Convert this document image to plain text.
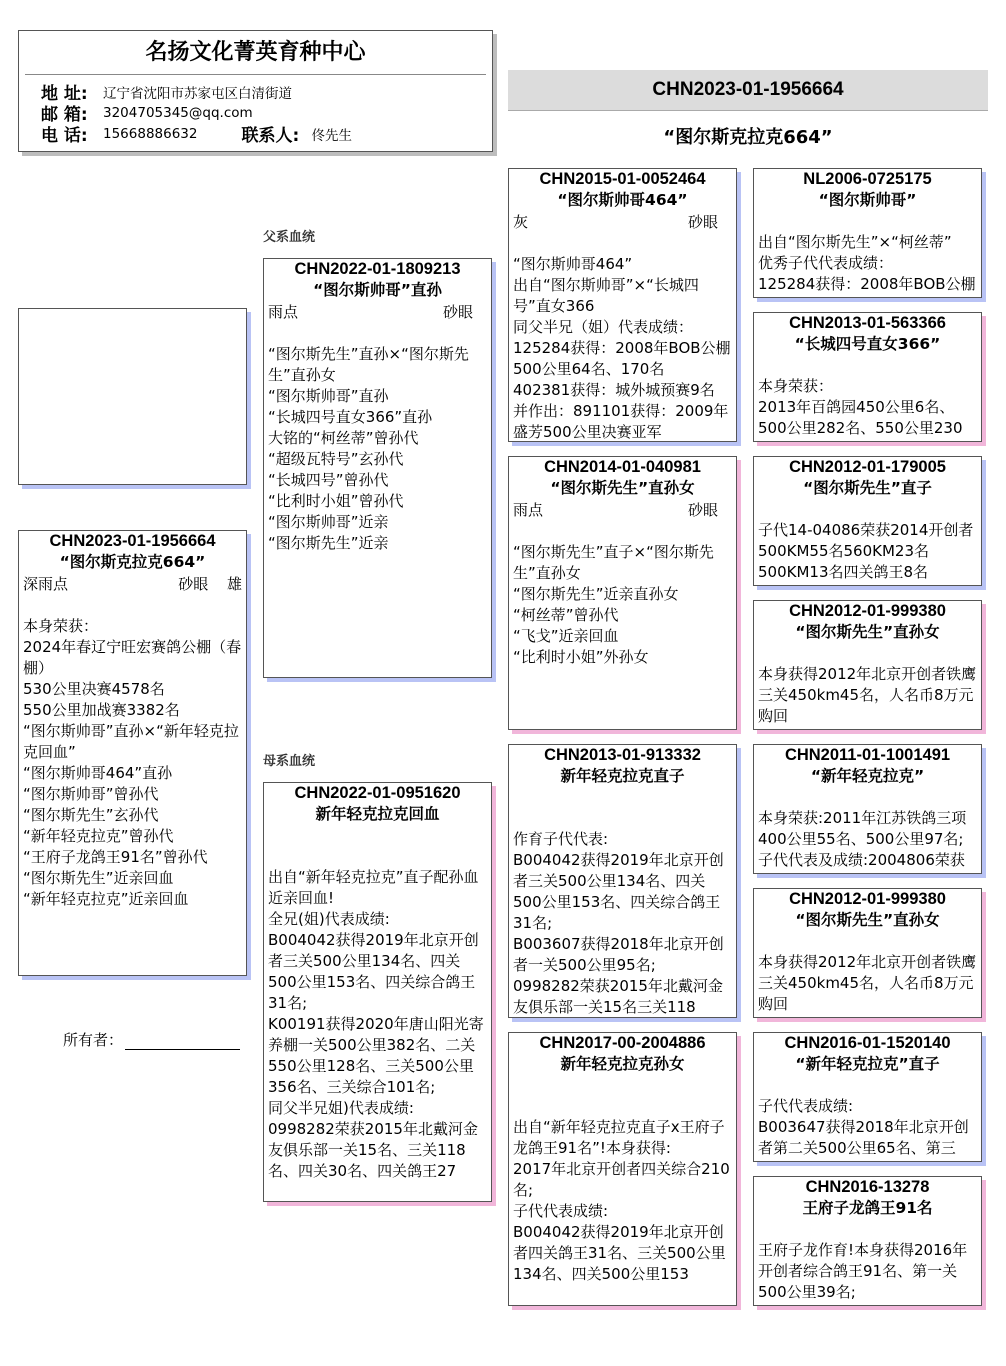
名扬文化菁英育种中心
地 址:	辽宁省沈阳市苏家屯区白清街道
邮 箱:	3204705345@qq.com
电 话:	15668886632	联系人: 佟先生
CHN2023-01-1956664
“图尔斯克拉克664”
CHN2023-01-1956664
“图尔斯克拉克664”
深雨点	砂眼 雄
本身荣获：
2024年春辽宁旺宏赛鸽公棚（春棚）
530公里决赛4578名
550公里加战赛3382名
“图尔斯帅哥”直孙×“新年轻克拉克回血”
“图尔斯帅哥464”直孙
“图尔斯帅哥”曾孙代
“图尔斯先生”玄孙代
“新年轻克拉克”曾孙代
“王府子龙鸽王91名”曾孙代
“图尔斯先生”近亲回血
“新年轻克拉克”近亲回血
所有者：
父系血统
母系血统
CHN2022-01-1809213
“图尔斯帅哥”直孙
雨点	砂眼
“图尔斯先生”直孙×“图尔斯先生”直孙女
“图尔斯帅哥”直孙
“长城四号直女366”直孙
大铭的“柯丝蒂”曾孙代
“超级瓦特号”玄孙代
“长城四号”曾孙代
“比利时小姐”曾孙代
“图尔斯帅哥”近亲
“图尔斯先生”近亲
CHN2022-01-0951620
新年轻克拉克回血
出自“新年轻克拉克”直子配孙血近亲回血!
全兄(姐)代表成绩:
B004042获得2019年北京开创者三关500公里134名、四关500公里153名、四关综合鸽王31名;
K00191获得2020年唐山阳光寄养棚一关500公里382名、二关550公里128名、三关500公里356名、三关综合101名;
同父半兄姐)代表成绩:
0998282荣获2015年北戴河金友俱乐部一关15名、三关118名、四关30名、四关鸽王27
CHN2015-01-0052464
“图尔斯帅哥464”
灰	砂眼
“图尔斯帅哥464”
出自“图尔斯帅哥”×“长城四号”直女366
同父半兄（姐）代表成绩：
125284获得：2008年BOB公棚500公里64名、170名
402381获得：城外城预赛9名
并作出：891101获得：2009年盛芳500公里决赛亚军
CHN2014-01-040981
“图尔斯先生”直孙女
雨点	砂眼
“图尔斯先生”直子×“图尔斯先生”直孙女
“图尔斯先生”近亲直孙女
“柯丝蒂”曾孙代
“飞戈”近亲回血
“比利时小姐”外孙女
CHN2013-01-913332
新年轻克拉克直子
作育子代代表:
B004042获得2019年北京开创者三关500公里134名、四关500公里153名、四关综合鸽王31名;
B003607获得2018年北京开创者一关500公里95名;
0998282荣获2015年北戴河金友俱乐部一关15名三关118
CHN2017-00-2004886
新年轻克拉克孙女
出自“新年轻克拉克直子x王府子龙鸽王91名”!本身获得:
2017年北京开创者四关综合210名;
子代代表成绩:
B004042获得2019年北京开创者四关鸽王31名、三关500公里134名、四关500公里153
NL2006-0725175
“图尔斯帅哥”
出自“图尔斯先生”×“柯丝蒂”
优秀子代代表成绩：
125284获得：2008年BOB公棚
CHN2013-01-563366
“长城四号直女366”
本身荣获：
2013年百鸽园450公里6名、500公里282名、550公里230
CHN2012-01-179005
“图尔斯先生”直子
子代14-04086荣获2014开创者500KM55名560KM23名
500KM13名四关鸽王8名
CHN2012-01-999380
“图尔斯先生”直孙女
本身获得2012年北京开创者铁鹰三关450km45名，人名币8万元购回
CHN2011-01-1001491
“新年轻克拉克”
本身荣获:2011年江苏铁鸽三项400公里55名、500公里97名;
子代代表及成绩:2004806荣获
CHN2012-01-999380
“图尔斯先生”直孙女
本身获得2012年北京开创者铁鹰三关450km45名，人名币8万元购回
CHN2016-01-1520140
“新年轻克拉克”直子
子代代表成绩:
B003647获得2018年北京开创者第二关500公里65名、第三
CHN2016-13278
王府子龙鸽王91名
王府子龙作育!本身获得2016年开创者综合鸽王91名、第一关500公里39名;
